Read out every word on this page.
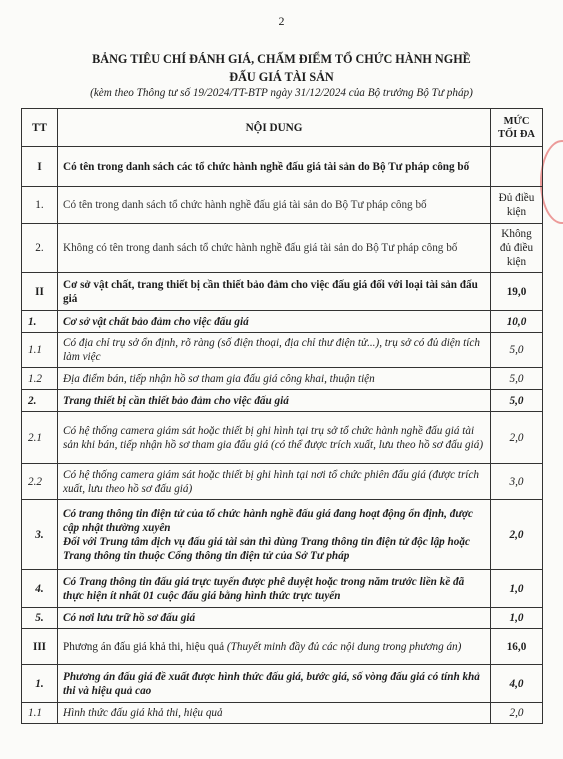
2
BẢNG TIÊU CHÍ ĐÁNH GIÁ, CHẤM ĐIỂM TỔ CHỨC HÀNH NGHỀ
ĐẤU GIÁ TÀI SẢN
(kèm theo Thông tư số 19/2024/TT-BTP ngày 31/12/2024 của Bộ trưởng Bộ Tư pháp)
TT	NỘI DUNG	MỨC TỐI ĐA
I	Có tên trong danh sách các tổ chức hành nghề đấu giá tài sản do Bộ Tư pháp công bố	
1.	Có tên trong danh sách tổ chức hành nghề đấu giá tài sản do Bộ Tư pháp công bố	Đủ điều kiện
2.	Không có tên trong danh sách tổ chức hành nghề đấu giá tài sản do Bộ Tư pháp công bố	Không đủ điều kiện
II	Cơ sở vật chất, trang thiết bị cần thiết bảo đảm cho việc đấu giá đối với loại tài sản đấu giá	19,0
1.	Cơ sở vật chất bảo đảm cho việc đấu giá	10,0
1.1	Có địa chỉ trụ sở ổn định, rõ ràng (số điện thoại, địa chỉ thư điện tử...), trụ sở có đủ diện tích làm việc	5,0
1.2	Địa điểm bán, tiếp nhận hồ sơ tham gia đấu giá công khai, thuận tiện	5,0
2.	Trang thiết bị cần thiết bảo đảm cho việc đấu giá	5,0
2.1	Có hệ thống camera giám sát hoặc thiết bị ghi hình tại trụ sở tổ chức hành nghề đấu giá tài sản khi bán, tiếp nhận hồ sơ tham gia đấu giá (có thể được trích xuất, lưu theo hồ sơ đấu giá)	2,0
2.2	Có hệ thống camera giám sát hoặc thiết bị ghi hình tại nơi tổ chức phiên đấu giá (được trích xuất, lưu theo hồ sơ đấu giá)	3,0
3.	Có trang thông tin điện tử của tổ chức hành nghề đấu giá đang hoạt động ổn định, được cập nhật thường xuyên
Đối với Trung tâm dịch vụ đấu giá tài sản thì dùng Trang thông tin điện tử độc lập hoặc Trang thông tin thuộc Cổng thông tin điện tử của Sở Tư pháp	2,0
4.	Có Trang thông tin đấu giá trực tuyến được phê duyệt hoặc trong năm trước liền kề đã thực hiện ít nhất 01 cuộc đấu giá bằng hình thức trực tuyến	1,0
5.	Có nơi lưu trữ hồ sơ đấu giá	1,0
III	Phương án đấu giá khả thi, hiệu quả (Thuyết minh đầy đủ các nội dung trong phương án)	16,0
1.	Phương án đấu giá đề xuất được hình thức đấu giá, bước giá, số vòng đấu giá có tính khả thi và hiệu quả cao	4,0
1.1	Hình thức đấu giá khả thi, hiệu quả	2,0
